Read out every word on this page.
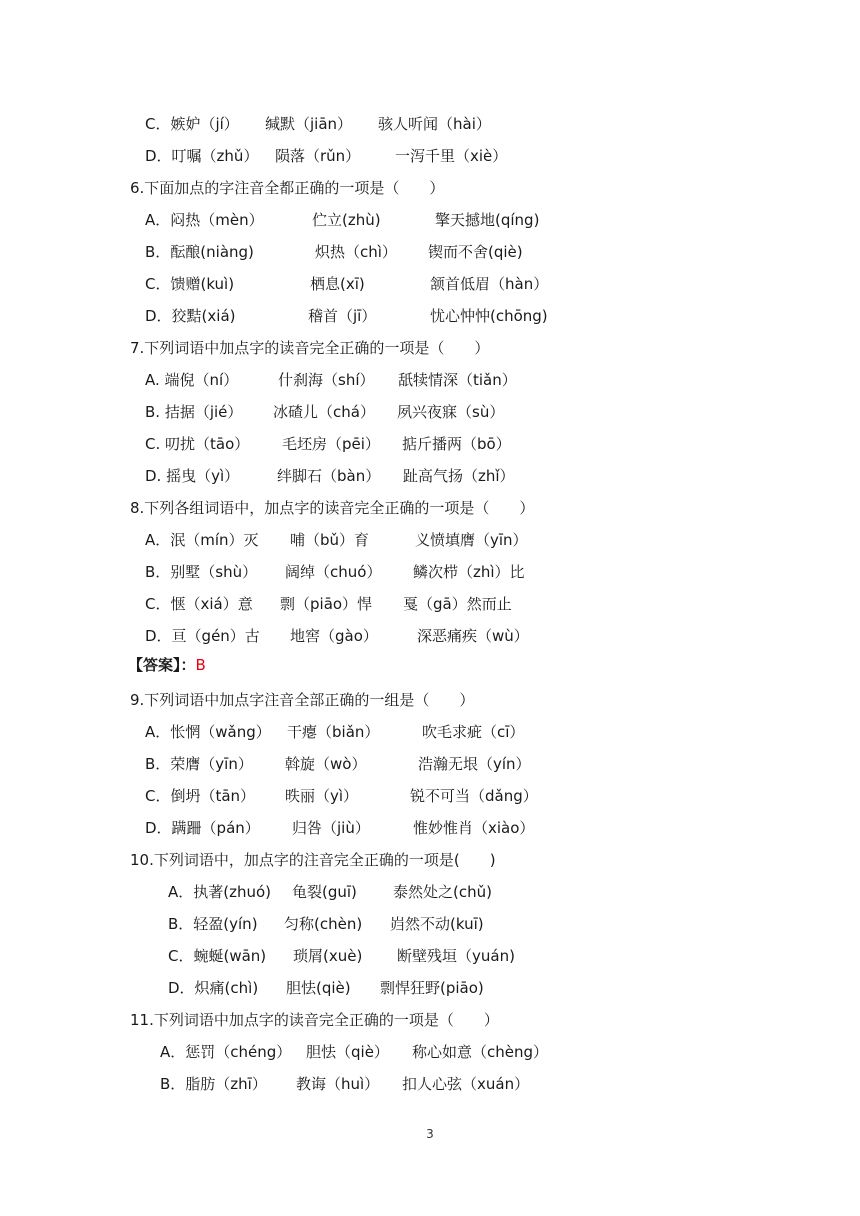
C．嫉妒（jí） 缄默（jiān） 骇人听闻（hài）
D．叮嘱（zhǔ） 陨落（rǔn） 一泻千里（xiè）
6.下面加点的字注音全都正确的一项是（　　）
A．闷热（mèn）	伫立(zhù)	擎天撼地(qíng)
B．酝酿(niàng)	炽热（chì） 锲而不舍(qiè)
C．馈赠(kuì)	栖息(xī)	颔首低眉（hàn）
D．狡黠(xiá)	稽首（jī）	忧心忡忡(chōng)
7.下列词语中加点字的读音完全正确的一项是（　　）
A. 端倪（ní）	什刹海（shí） 舐犊情深（tiǎn）
B. 拮据（jié） 冰碴儿（chá） 夙兴夜寐（sù）
C. 叨扰（tāo） 毛坯房（pēi） 掂斤播两（bō）
D. 摇曳（yì）	绊脚石（bàn） 趾高气扬（zhǐ）
8.下列各组词语中，加点字的读音完全正确的一项是（　　）
A．泯（mín）灭 哺（bǔ）育	义愤填膺（yīn）
B．别墅（shù） 阔绰（chuó） 鳞次栉（zhì）比
C．惬（xiá）意 剽（piāo）悍 戛（gā）然而止
D．亘（gén）古 地窖（gào）	深恶痛疾（wù）
9.下列词语中加点字注音全部正确的一组是（　　）
A．怅惘（wǎng） 干瘪（biǎn）	吹毛求疵（cī）
B．荣膺（yīn） 斡旋（wò）	浩瀚无垠（yín）
C．倒坍（tān） 昳丽（yì）	锐不可当（dǎng）
D．蹒跚（pán） 归咎（jiù）	惟妙惟肖（xiào）
10.下列词语中，加点字的注音完全正确的一项是(　　)
A．执著(zhuó) 龟裂(guī) 泰然处之(chǔ)
B．轻盈(yín) 匀称(chèn) 岿然不动(kuī)
C．蜿蜒(wān) 琐屑(xuè) 断壁残垣（yuán)
D．炽痛(chì) 胆怯(qiè) 剽悍狂野(piāo)
11.下列词语中加点字的读音完全正确的一项是（　　）
A．惩罚（chéng） 胆怯（qiè） 称心如意（chèng）
B．脂肪（zhī） 教诲（huì） 扣人心弦（xuán）
【答案】：B
3
